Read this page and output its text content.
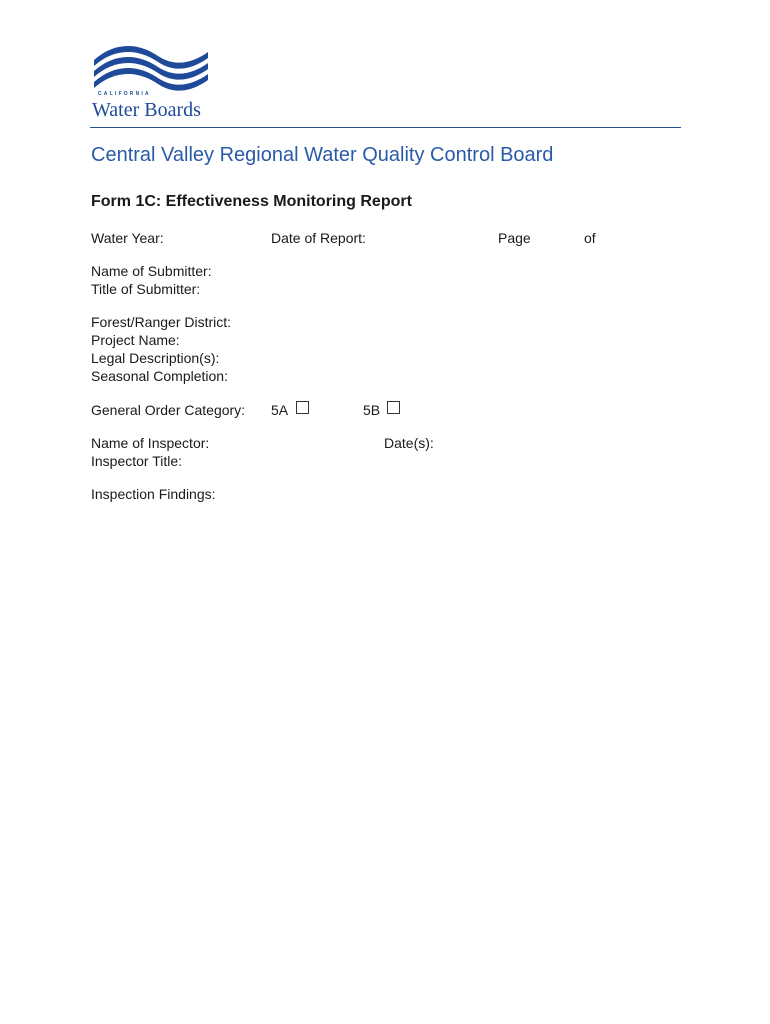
CALIFORNIA
Water Boards
Central Valley Regional Water Quality Control Board
Form 1C: Effectiveness Monitoring Report
Water Year:	Date of Report:	Page	of
Name of Submitter:
Title of Submitter:
Forest/Ranger District:
Project Name:
Legal Description(s):
Seasonal Completion:
General Order Category: 5A	5B
Name of Inspector:	Date(s):
Inspector Title:
Inspection Findings:
